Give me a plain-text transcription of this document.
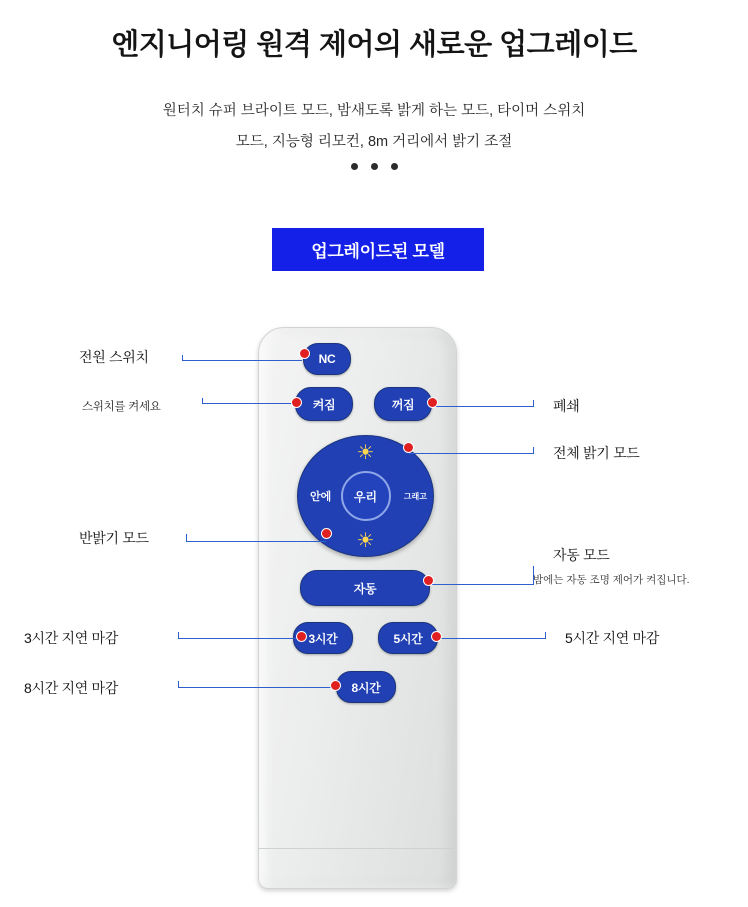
엔지니어링 원격 제어의 새로운 업그레이드
원터치 슈퍼 브라이트 모드, 밤새도록 밝게 하는 모드, 타이머 스위치
모드, 지능형 리모컨, 8m 거리에서 밝기 조절
업그레이드된 모델
NC
켜짐	꺼짐
☀
안에	우리	그래고
☀
자동
3시간	5시간
8시간
전원 스위치
스위치를 켜세요	폐쇄
전체 밝기 모드
반밝기 모드
자동 모드
밤에는 자동 조명 제어가 켜집니다.
3시간 지연 마감	5시간 지연 마감
8시간 지연 마감
